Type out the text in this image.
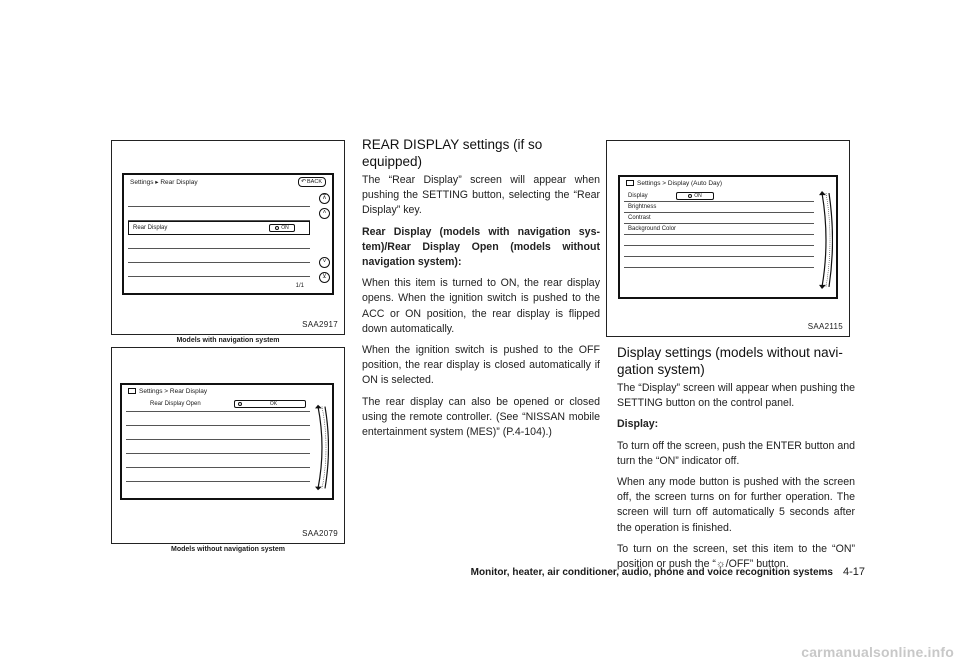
Settings ▸ Rear Display	↶BACK
Rear Display	ON
1/1
⊼
˄
˅
⊻
SAA2917
Models with navigation system
Settings > Rear Display
Rear Display Open	OK
SAA2079
Models without navigation system
Settings > Display (Auto Day)
Display	ON
Brightness
Contrast
Background Color
SAA2115
REAR DISPLAY settings (if so equipped)

The “Rear Display” screen will appear when pushing the SETTING button, selecting the “Rear Display” key.

Rear Display (models with navigation sys-tem)/Rear Display Open (models without navigation system):

When this item is turned to ON, the rear display opens. When the ignition switch is pushed to the ACC or ON position, the rear display is flipped down automatically.

When the ignition switch is pushed to the OFF position, the rear display is closed automatically if ON is selected.

The rear display can also be opened or closed using the remote controller. (See “NISSAN mobile entertainment system (MES)” (P.4-104).)

Display settings (models without navi-gation system)

The “Display” screen will appear when pushing the SETTING button on the control panel.

Display:

To turn off the screen, push the ENTER button and turn the “ON” indicator off.

When any mode button is pushed with the screen off, the screen turns on for further operation. The screen will turn off automatically 5 seconds after the operation is finished.

To turn on the screen, set this item to the “ON” position or push the “☼/OFF” button.

Monitor, heater, air conditioner, audio, phone and voice recognition systems 4-17
carmanualsonline.info
